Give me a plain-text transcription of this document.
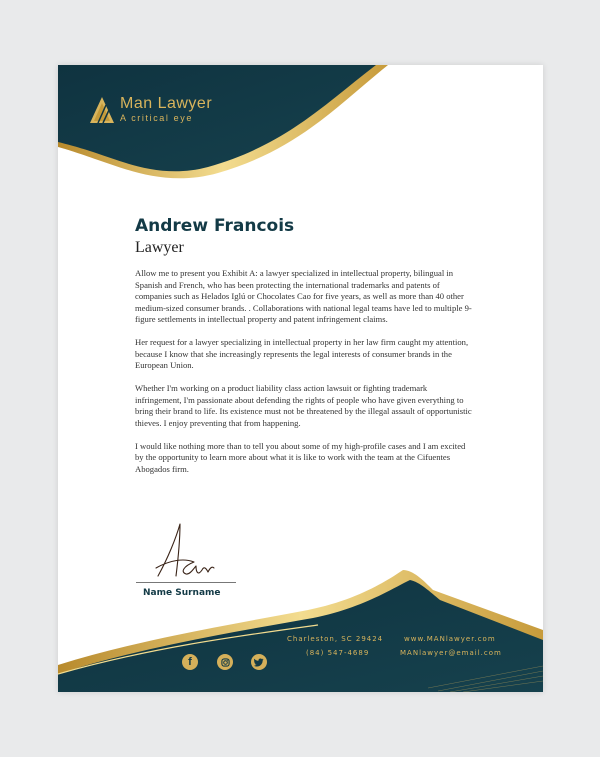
Man Lawyer
A critical eye
Andrew Francois
Lawyer

Allow me to present you Exhibit A: a lawyer specialized in intellectual property, bilingual in Spanish and French, who has been protecting the international trademarks and patents of companies such as Helados Iglú or Chocolates Cao for five years, as well as more than 40 other medium-sized consumer brands. . Collaborations with national legal teams have led to multiple 9-figure settlements in intellectual property and patent infringement claims.

Her request for a lawyer specializing in intellectual property in her law firm caught my attention, because I know that she increasingly represents the legal interests of consumer brands in the European Union.

Whether I'm working on a product liability class action lawsuit or fighting trademark infringement, I'm passionate about defending the rights of people who have given everything to bring their brand to life. Its existence must not be threatened by the illegal assault of opportunistic thieves. I enjoy preventing that from happening.

I would like nothing more than to tell you about some of my high-profile cases and I am excited by the opportunity to learn more about what it is like to work with the team at the Cifuentes Abogados firm.

Name Surname
Charleston, SC 29424	www.MANlawyer.com
(84) 547-4689	MANlawyer@email.com
f
